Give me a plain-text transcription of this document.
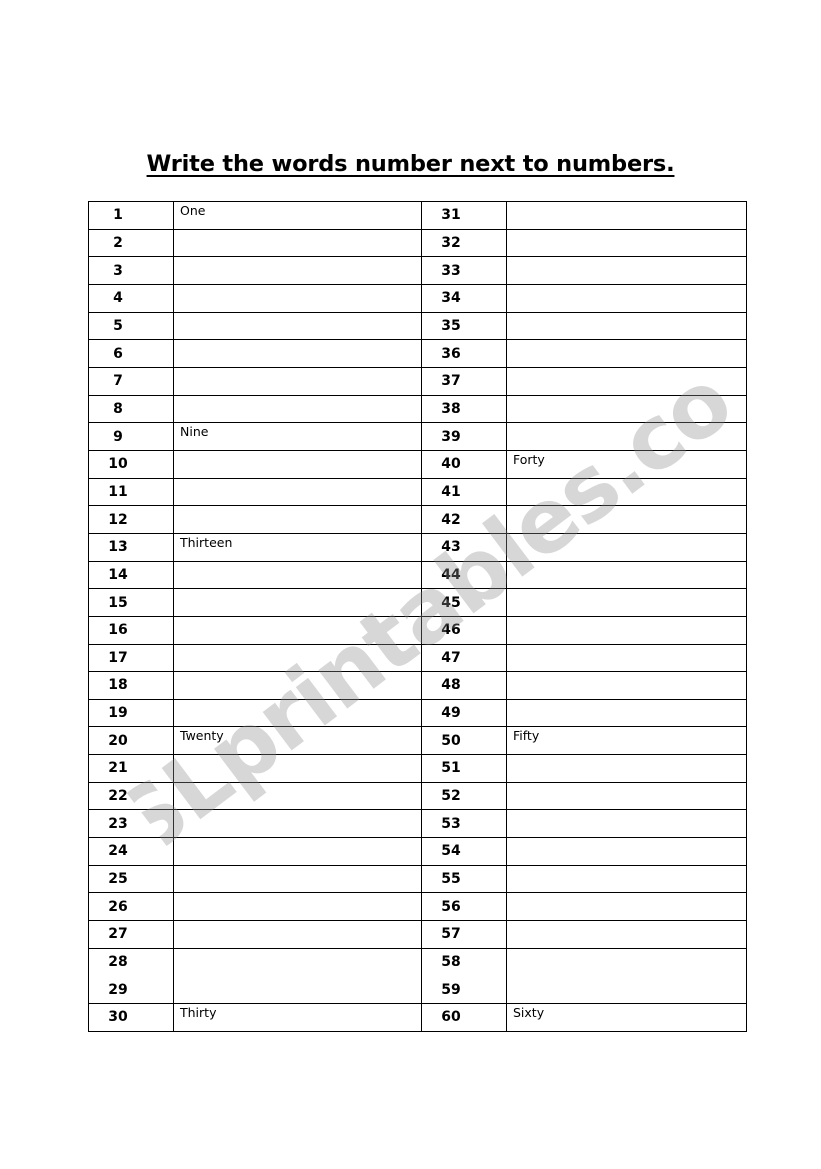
Write the words number next to numbers.
1	One	31	
2		32	
3		33	
4		34	
5		35	
6		36	
7		37	
8		38	
9	Nine	39	
10		40	Forty
11		41	
12		42	
13	Thirteen	43	
14		44	
15		45	
16		46	
17		47	
18		48	
19		49	
20	Twenty	50	Fifty
21		51	
22		52	
23		53	
24		54	
25		55	
26		56	
27		57	
28		58	
29		59	
30	Thirty	60	Sixty
ESLprintables.com
